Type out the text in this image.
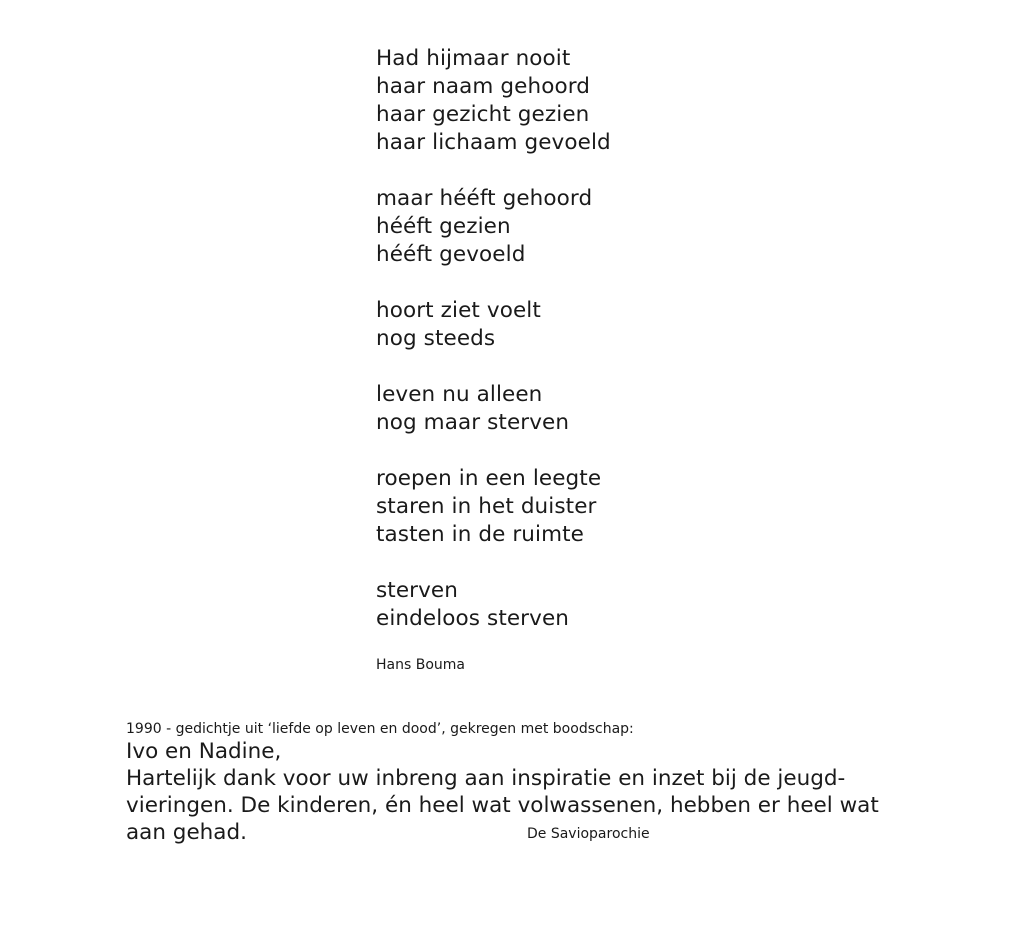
Had hijmaar nooit
haar naam gehoord
haar gezicht gezien
haar lichaam gevoeld
maar hééft gehoord
hééft gezien
hééft gevoeld
hoort ziet voelt
nog steeds
leven nu alleen
nog maar sterven
roepen in een leegte
staren in het duister
tasten in de ruimte
sterven
eindeloos sterven
Hans Bouma
1990 - gedichtje uit ‘liefde op leven en dood’, gekregen met boodschap:
Ivo en Nadine,
Hartelijk dank voor uw inbreng aan inspiratie en inzet bij de jeugd-
vieringen. De kinderen, én heel wat volwassenen, hebben er heel wat
aan gehad.	De Savioparochie
